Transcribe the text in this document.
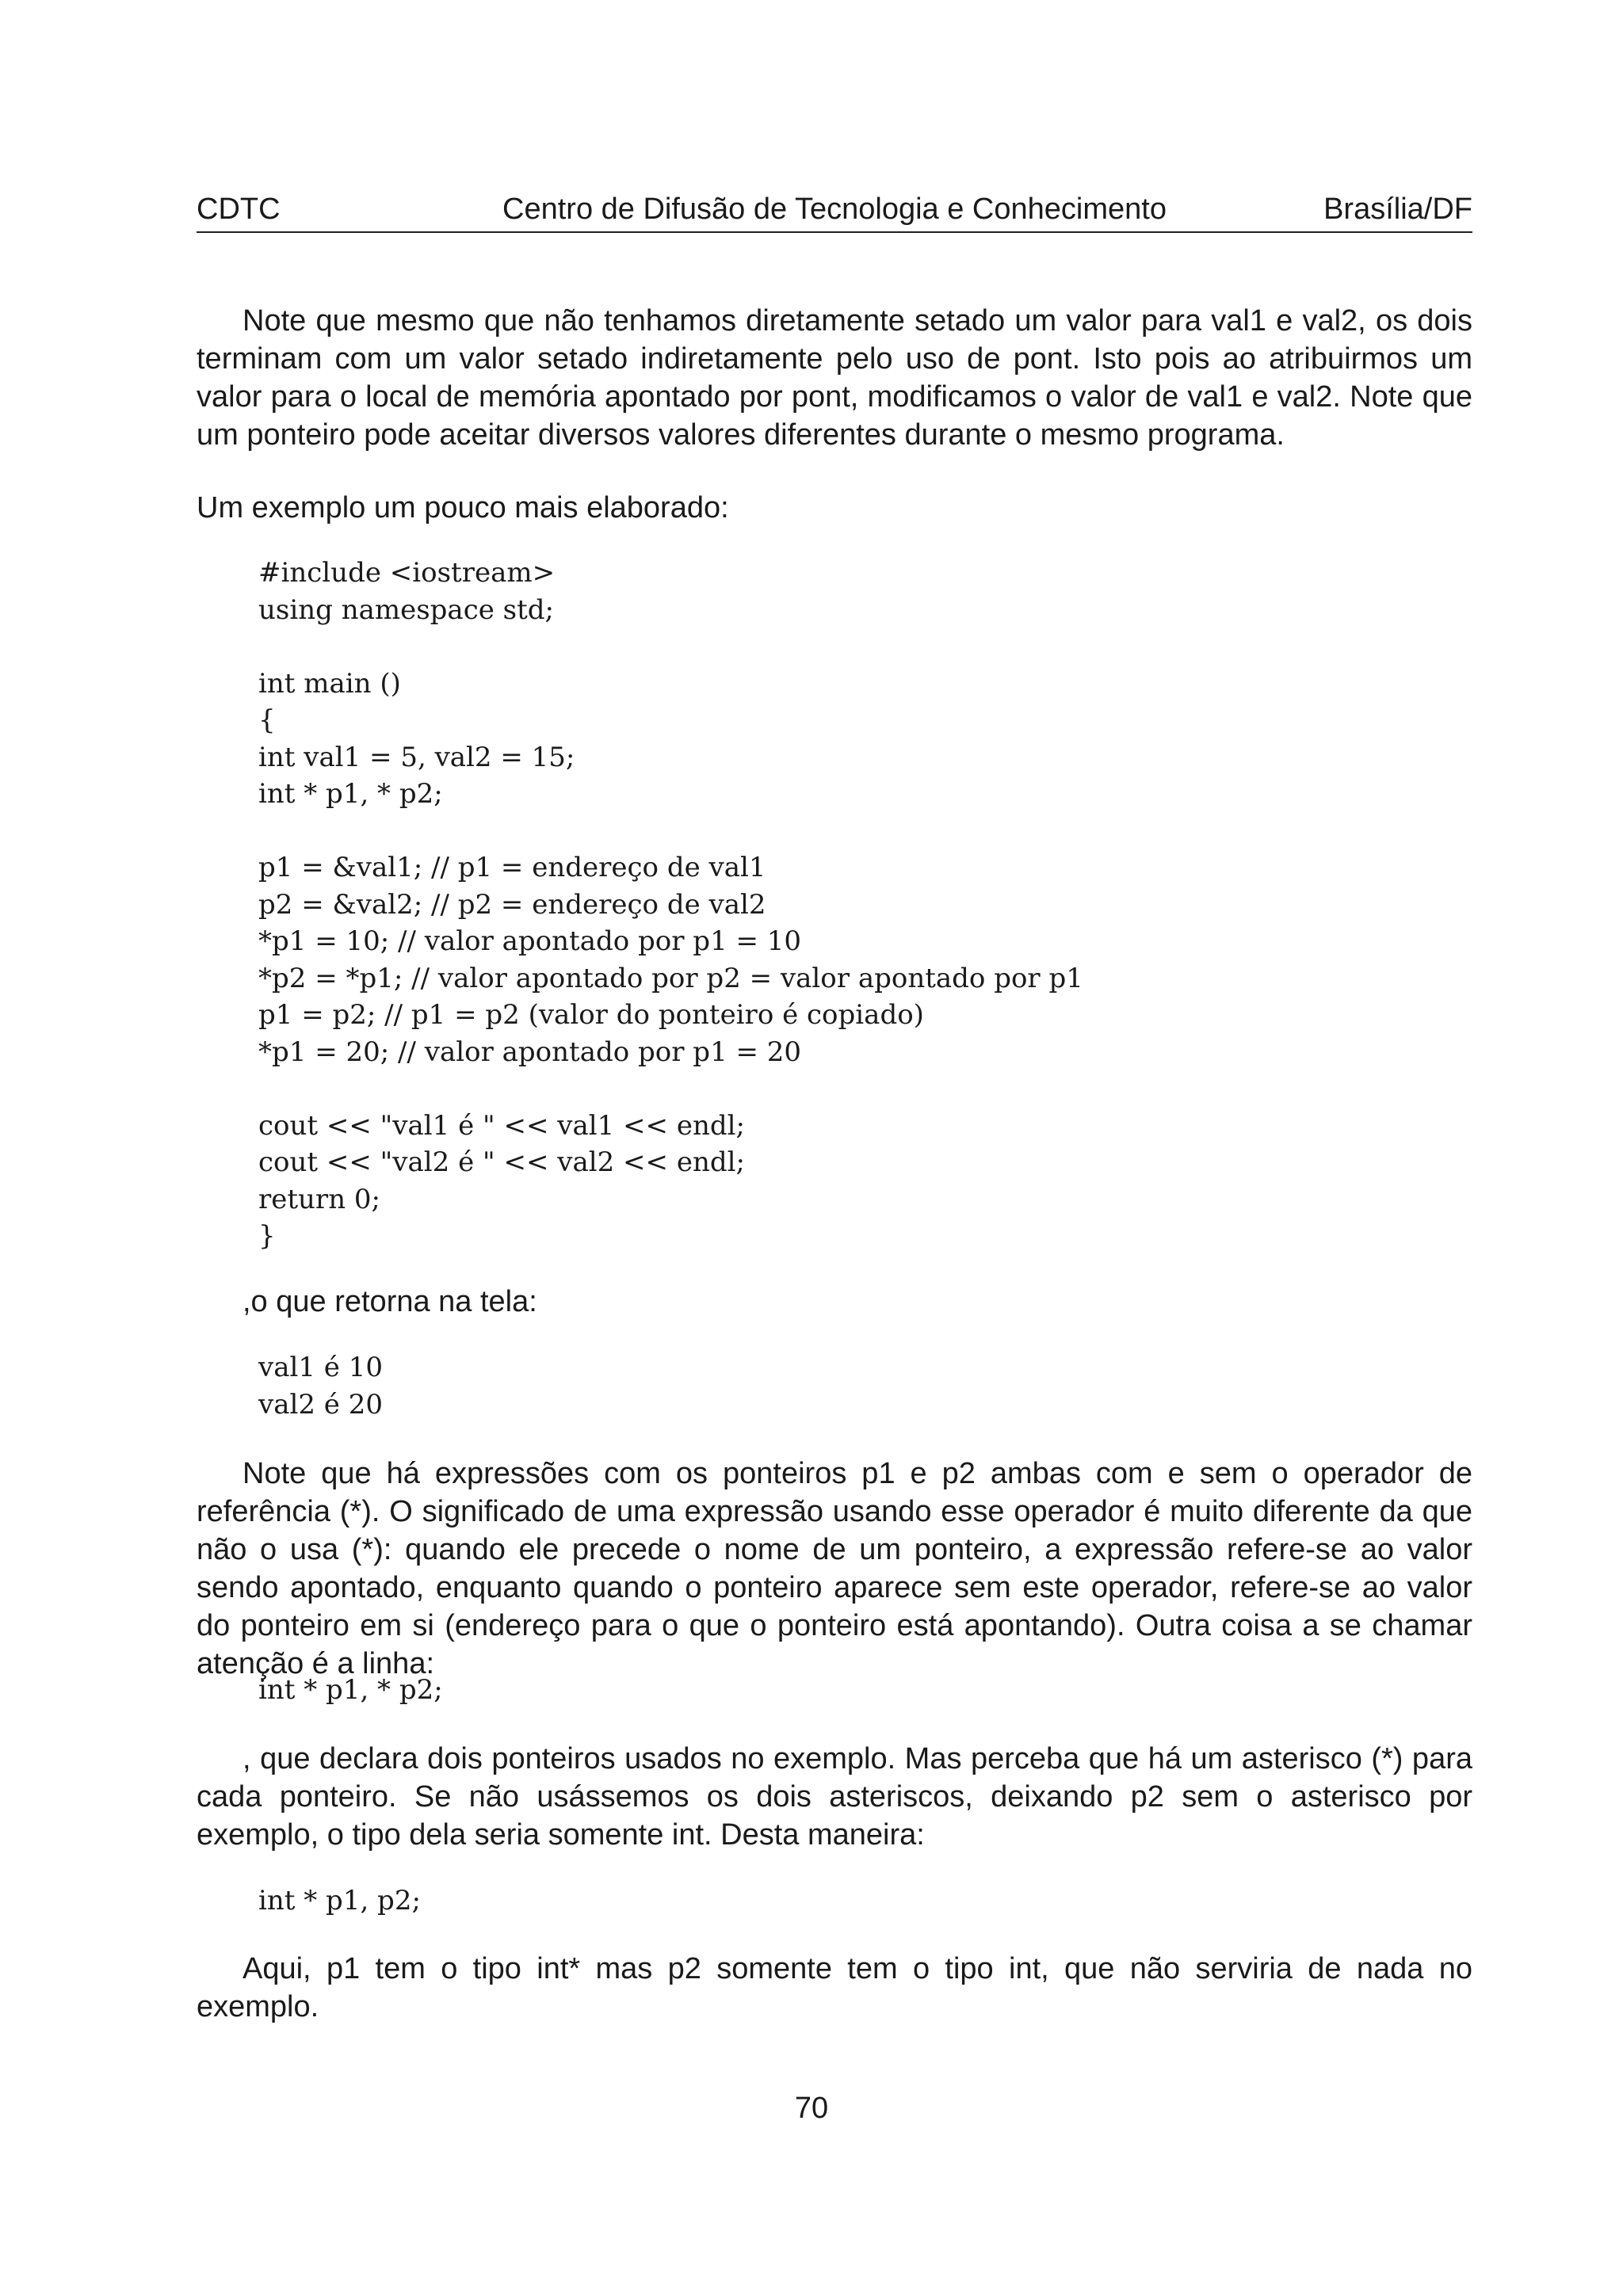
CDTC	Centro de Difusão de Tecnologia e Conhecimento	Brasília/DF

Note que mesmo que não tenhamos diretamente setado um valor para val1 e val2, os dois terminam com um valor setado indiretamente pelo uso de pont. Isto pois ao atribuirmos um valor para o local de memória apontado por pont, modificamos o valor de val1 e val2. Note que um ponteiro pode aceitar diversos valores diferentes durante o mesmo programa.

Um exemplo um pouco mais elaborado:

#include <iostream>
using namespace std;

int main ()
{
int val1 = 5, val2 = 15;
int * p1, * p2;

p1 = &val1; // p1 = endereço de val1
p2 = &val2; // p2 = endereço de val2
*p1 = 10; // valor apontado por p1 = 10
*p2 = *p1; // valor apontado por p2 = valor apontado por p1
p1 = p2; // p1 = p2 (valor do ponteiro é copiado)
*p1 = 20; // valor apontado por p1 = 20

cout << "val1 é " << val1 << endl;
cout << "val2 é " << val2 << endl;
return 0;
}

,o que retorna na tela:

val1 é 10
val2 é 20

Note que há expressões com os ponteiros p1 e p2 ambas com e sem o operador de referência (*). O significado de uma expressão usando esse operador é muito diferente da que não o usa (*): quando ele precede o nome de um ponteiro, a expressão refere-se ao valor sendo apontado, enquanto quando o ponteiro aparece sem este operador, refere-se ao valor do ponteiro em si (endereço para o que o ponteiro está apontando). Outra coisa a se chamar atenção é a linha:

int * p1, * p2;

, que declara dois ponteiros usados no exemplo. Mas perceba que há um asterisco (*) para cada ponteiro. Se não usássemos os dois asteriscos, deixando p2 sem o asterisco por exemplo, o tipo dela seria somente int. Desta maneira:

int * p1, p2;

Aqui, p1 tem o tipo int* mas p2 somente tem o tipo int, que não serviria de nada no exemplo.

70
